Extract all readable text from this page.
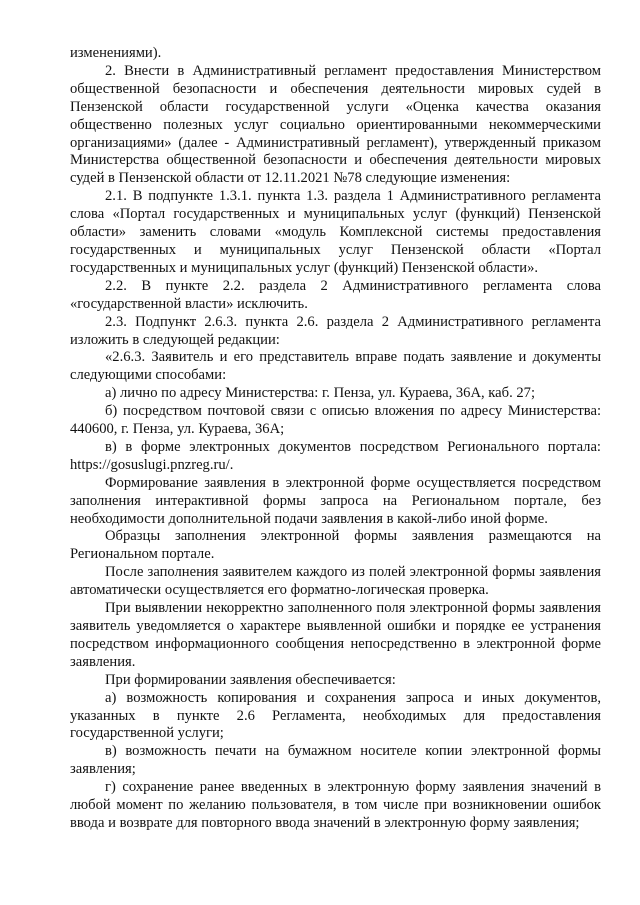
изменениями).

2. Внести в Административный регламент предоставления Министерством общественной безопасности и обеспечения деятельности мировых судей в Пензенской области государственной услуги «Оценка качества оказания общественно полезных услуг социально ориентированными некоммерческими организациями» (далее - Административный регламент), утвержденный приказом Министерства общественной безопасности и обеспечения деятельности мировых судей в Пензенской области от 12.11.2021 №78 следующие изменения:

2.1. В подпункте 1.3.1. пункта 1.3. раздела 1 Административного регламента слова «Портал государственных и муниципальных услуг (функций) Пензенской области» заменить словами «модуль Комплексной системы предоставления государственных и муниципальных услуг Пензенской области «Портал государственных и муниципальных услуг (функций) Пензенской области».

2.2. В пункте 2.2. раздела 2 Административного регламента слова «государственной власти» исключить.

2.3. Подпункт 2.6.3. пункта 2.6. раздела 2 Административного регламента изложить в следующей редакции:

«2.6.3. Заявитель и его представитель вправе подать заявление и документы следующими способами:

а) лично по адресу Министерства: г. Пенза, ул. Кураева, 36А, каб. 27;

б) посредством почтовой связи с описью вложения по адресу Министерства: 440600, г. Пенза, ул. Кураева, 36А;

в) в форме электронных документов посредством Регионального портала: https://gosuslugi.pnzreg.ru/.

Формирование заявления в электронной форме осуществляется посредством заполнения интерактивной формы запроса на Региональном портале, без необходимости дополнительной подачи заявления в какой-либо иной форме.

Образцы заполнения электронной формы заявления размещаются на Региональном портале.

После заполнения заявителем каждого из полей электронной формы заявления автоматически осуществляется его форматно-логическая проверка.

При выявлении некорректно заполненного поля электронной формы заявления заявитель уведомляется о характере выявленной ошибки и порядке ее устранения посредством информационного сообщения непосредственно в электронной форме заявления.

При формировании заявления обеспечивается:

а) возможность копирования и сохранения запроса и иных документов, указанных в пункте 2.6 Регламента, необходимых для предоставления государственной услуги;

в) возможность печати на бумажном носителе копии электронной формы заявления;

г) сохранение ранее введенных в электронную форму заявления значений в любой момент по желанию пользователя, в том числе при возникновении ошибок ввода и возврате для повторного ввода значений в электронную форму заявления;
